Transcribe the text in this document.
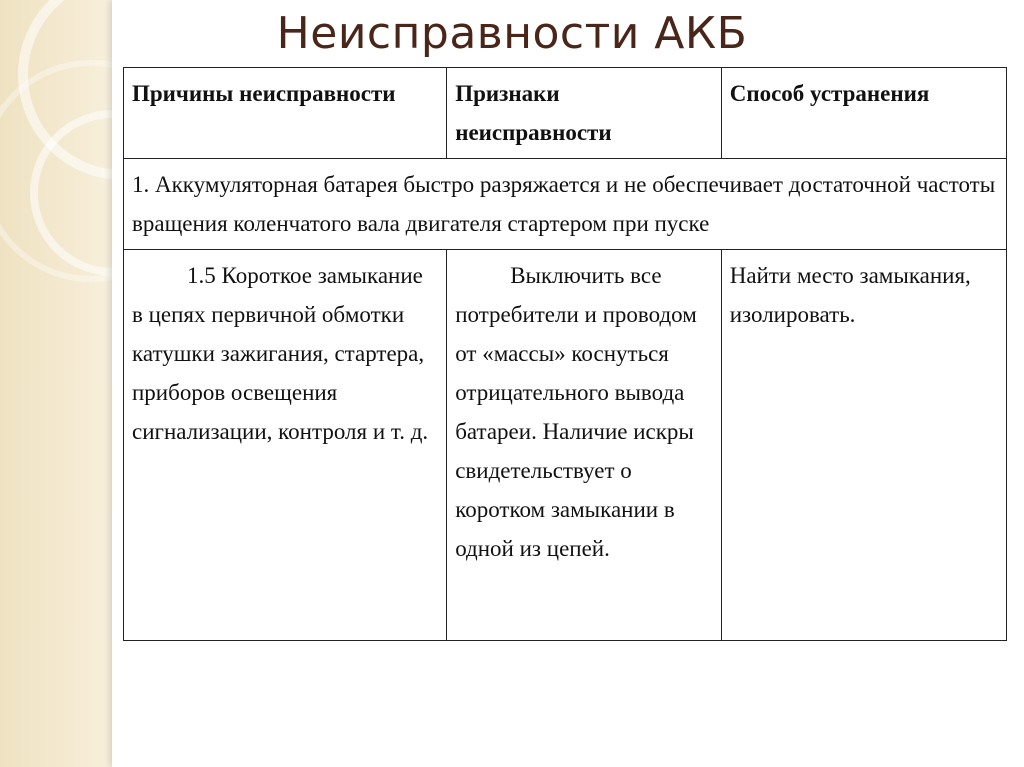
Неисправности АКБ
Причины неисправности	Признаки неисправности	Способ устранения

1. Аккумуляторная батарея быстро разряжается и не обеспечивает достаточной частоты вращения коленчатого вала двигателя стартером при пуске		

1.5 Короткое замыкание в цепях первичной обмотки катушки зажигания, стартера, приборов освещения сигнализации, контроля и т. д.	Выключить все потребители и проводом от «массы» коснуться отрицательного вывода батареи. Наличие искры свидетельствует о коротком замыкании в одной из цепей.	Найти место замыкания, изолировать.
